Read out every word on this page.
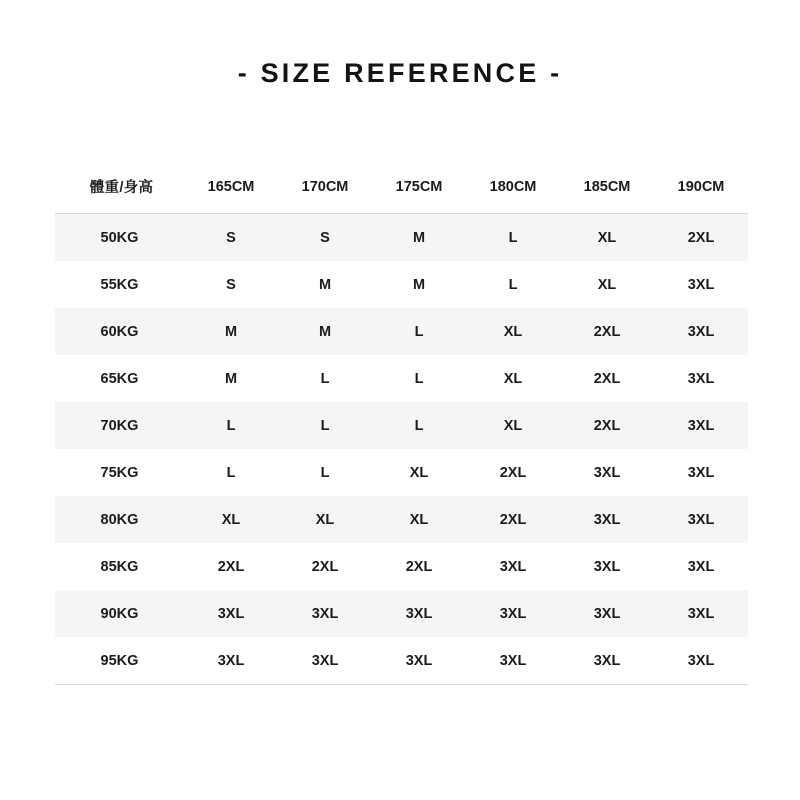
- SIZE REFERENCE -
體重/身高	165CM	170CM	175CM	180CM	185CM	190CM
50KG	S	S	M	L	XL	2XL
55KG	S	M	M	L	XL	3XL
60KG	M	M	L	XL	2XL	3XL
65KG	M	L	L	XL	2XL	3XL
70KG	L	L	L	XL	2XL	3XL
75KG	L	L	XL	2XL	3XL	3XL
80KG	XL	XL	XL	2XL	3XL	3XL
85KG	2XL	2XL	2XL	3XL	3XL	3XL
90KG	3XL	3XL	3XL	3XL	3XL	3XL
95KG	3XL	3XL	3XL	3XL	3XL	3XL
